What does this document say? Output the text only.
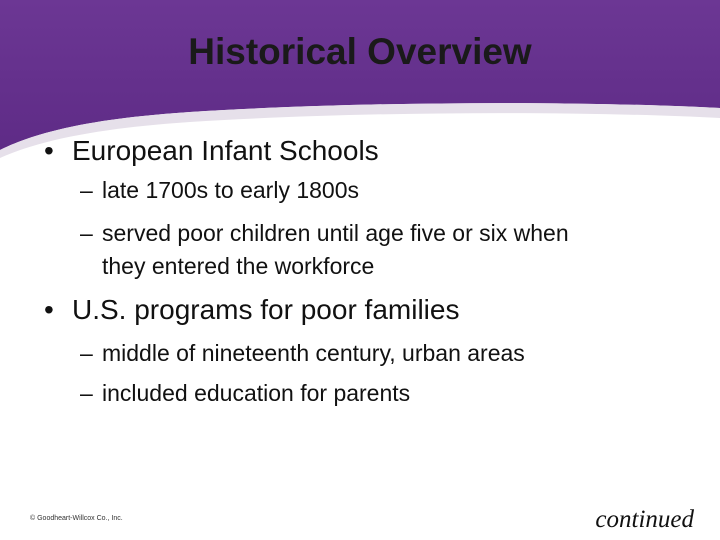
Historical Overview

• European Infant Schools

– late 1700s to early 1800s

– served poor children until age five or six when

they entered the workforce

• U.S. programs for poor families

– middle of nineteenth century, urban areas

– included education for parents

© Goodheart-Willcox Co., Inc.	continued
